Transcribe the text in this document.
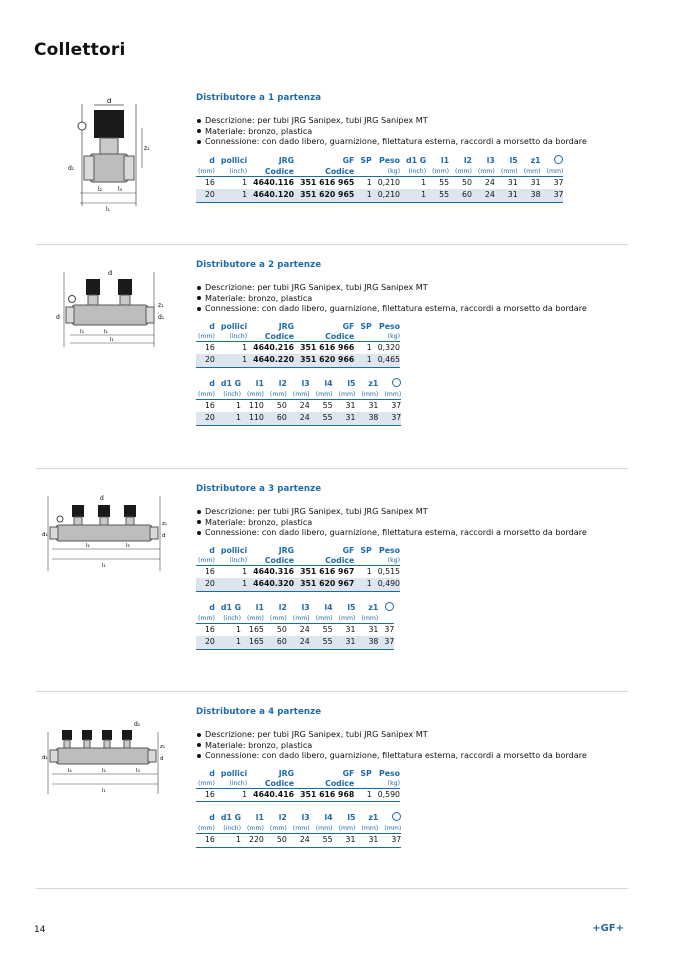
Collettori
d
d₁
l₂	l₃
l₁
z₁
Distributore a 1 partenza
Descrizione: per tubi JRG Sanipex, tubi JRG Sanipex MT
Materiale: bronzo, plastica
Connessione: con dado libero, guarnizione, filettatura esterna, raccordi a morsetto da bordare
d	pollici	JRG	GF	SP	Peso	d1 G	l1	l2	l3	l5	z1	
(mm)	(inch)	Codice	Codice		(kg)	(inch)	(mm)	(mm)	(mm)	(mm)	(mm)	(mm)
16	1	4640.116	351 616 965	1	0,210	1	55	50	24	31	31	37
20	1	4640.120	351 620 965	1	0,210	1	55	60	24	31	38	37
d
d
z₁
d₁
l₃	l₂
l₁
Distributore a 2 partenze
Descrizione: per tubi JRG Sanipex, tubi JRG Sanipex MT
Materiale: bronzo, plastica
Connessione: con dado libero, guarnizione, filettatura esterna, raccordi a morsetto da bordare
d	pollici	JRG	GF	SP	Peso
(mm)	(inch)	Codice	Codice		(kg)
16	1	4640.216	351 616 966	1	0,320
20	1	4640.220	351 620 966	1	0,465
d	d1 G	l1	l2	l3	l4	l5	z1	
(mm)	(inch)	(mm)	(mm)	(mm)	(mm)	(mm)	(mm)	(mm)
16	1	110	50	24	55	31	31	37
20	1	110	60	24	55	31	38	37
d
d₁
z₁
d
l₂	l₃
l₁
Distributore a 3 partenze
Descrizione: per tubi JRG Sanipex, tubi JRG Sanipex MT
Materiale: bronzo, plastica
Connessione: con dado libero, guarnizione, filettatura esterna, raccordi a morsetto da bordare
d	pollici	JRG	GF	SP	Peso
(mm)	(inch)	Codice	Codice		(kg)
16	1	4640.316	351 616 967	1	0,515
20	1	4640.320	351 620 967	1	0,490
d	d1 G	l1	l2	l3	l4	l5	z1	
(mm)	(inch)	(mm)	(mm)	(mm)	(mm)	(mm)	(mm)	
16	1	165	50	24	55	31	31	37
20	1	165	60	24	55	31	38	37
d₁
d₁
z₁
d
l₄	l₂	l₃
l₁
Distributore a 4 partenze
Descrizione: per tubi JRG Sanipex, tubi JRG Sanipex MT
Materiale: bronzo, plastica
Connessione: con dado libero, guarnizione, filettatura esterna, raccordi a morsetto da bordare
d	pollici	JRG	GF	SP	Peso
(mm)	(inch)	Codice	Codice		(kg)
16	1	4640.416	351 616 968	1	0,590
d	d1 G	l1	l2	l3	l4	l5	z1	
(mm)	(inch)	(mm)	(mm)	(mm)	(mm)	(mm)	(mm)	(mm)
16	1	220	50	24	55	31	31	37
14	+GF+
